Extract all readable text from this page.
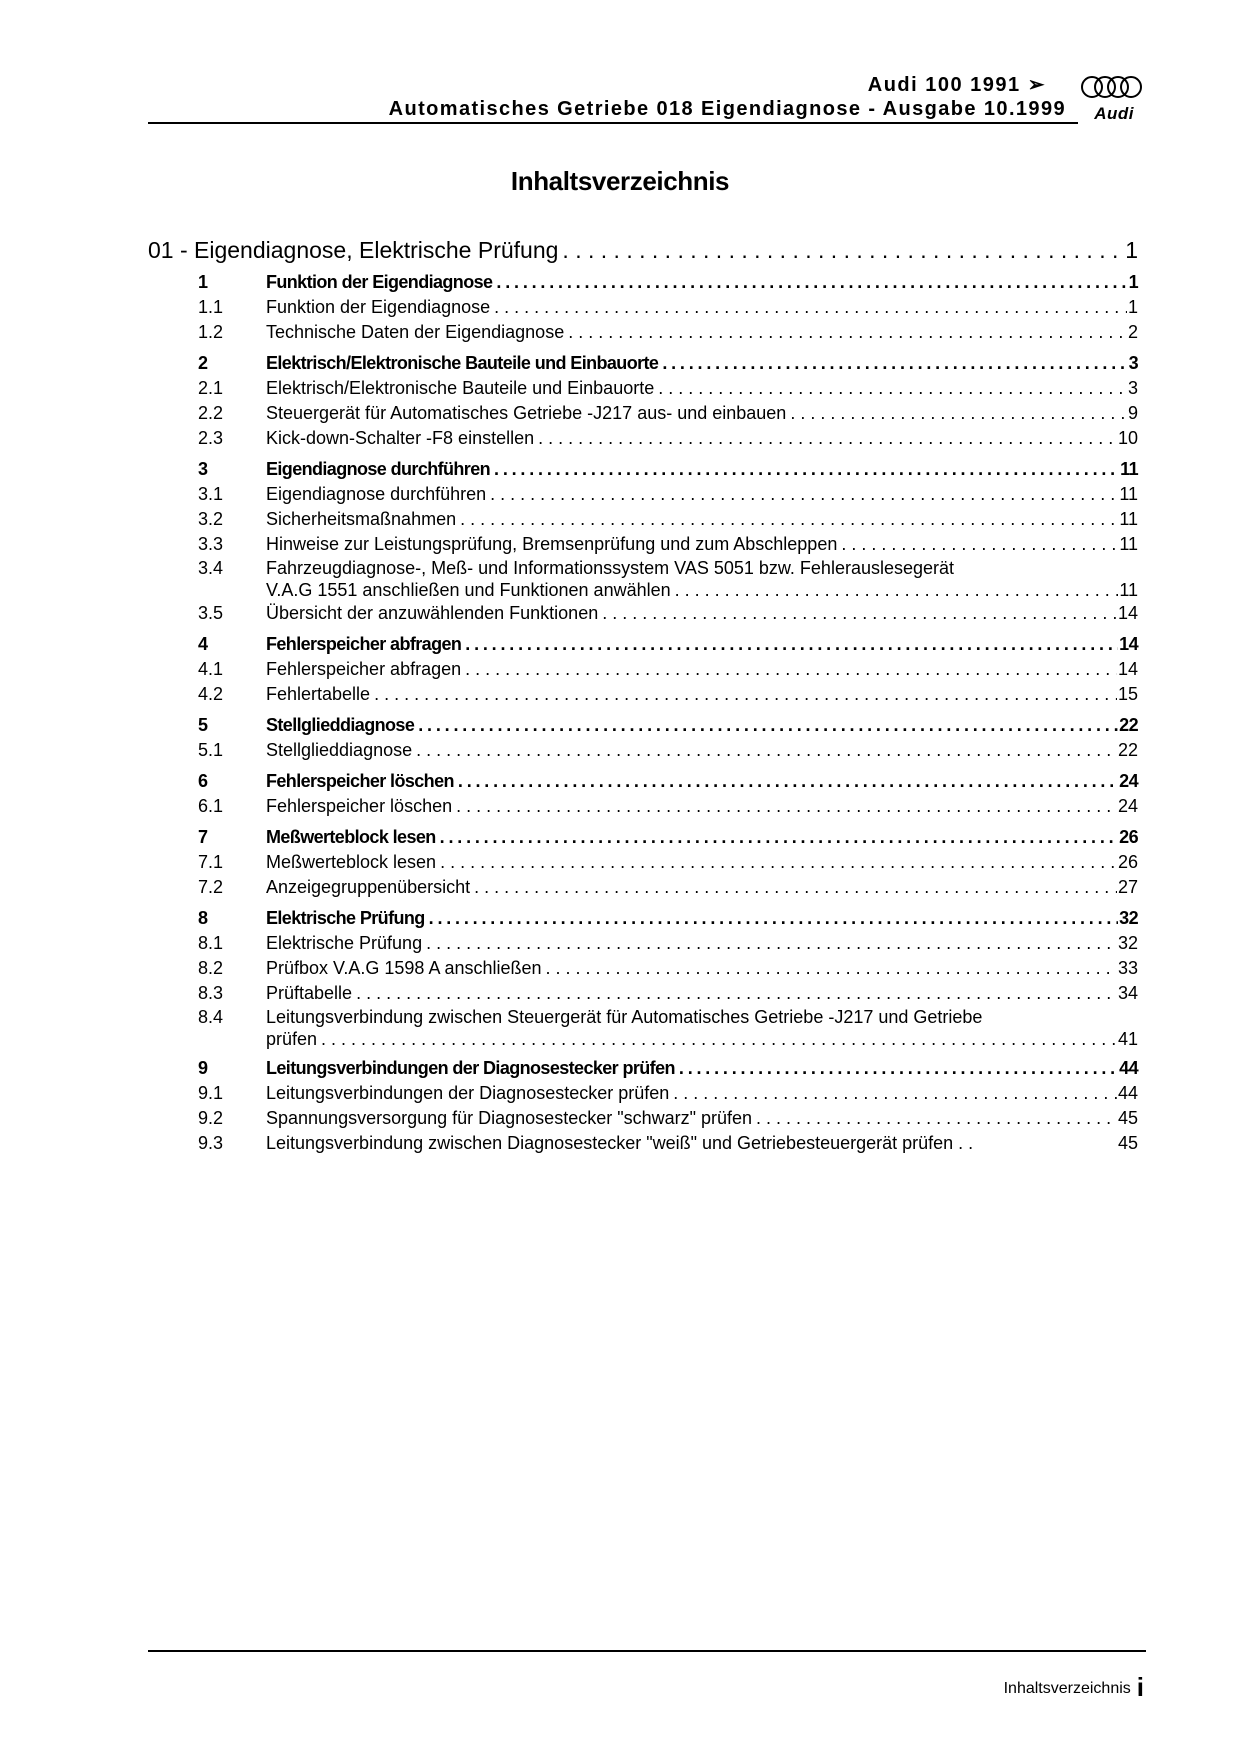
Audi 100 1991 ➢
Automatisches Getriebe 018 Eigendiagnose - Ausgabe 10.1999 Audi
Inhaltsverzeichnis
01 - Eigendiagnose, Elektrische Prüfung . . .	1
1	Funktion der Eigendiagnose . . .	1
1.1	Funktion der Eigendiagnose . . .	1
1.2	Technische Daten der Eigendiagnose . . .	2
2	Elektrisch/Elektronische Bauteile und Einbauorte . . .	3
2.1	Elektrisch/Elektronische Bauteile und Einbauorte . . .	3
2.2	Steuergerät für Automatisches Getriebe -J217 aus- und einbauen . . .	9
2.3	Kick-down-Schalter -F8 einstellen . . .	10
3	Eigendiagnose durchführen . . .	11
3.1	Eigendiagnose durchführen . . .	11
3.2	Sicherheitsmaßnahmen . . .	11
3.3	Hinweise zur Leistungsprüfung, Bremsenprüfung und zum Abschleppen . . .	11
3.4	Fahrzeugdiagnose-, Meß- und Informationssystem VAS 5051 bzw. Fehlerauslesegerät
V.A.G 1551 anschließen und Funktionen anwählen . . .	11
3.5	Übersicht der anzuwählenden Funktionen . . .	14
4	Fehlerspeicher abfragen . . .	14
4.1	Fehlerspeicher abfragen . . .	14
4.2	Fehlertabelle . . .	15
5	Stellglieddiagnose . . .	22
5.1	Stellglieddiagnose . . .	22
6	Fehlerspeicher löschen . . .	24
6.1	Fehlerspeicher löschen . . .	24
7	Meßwerteblock lesen . . .	26
7.1	Meßwerteblock lesen . . .	26
7.2	Anzeigegruppenübersicht . . .	27
8	Elektrische Prüfung . . .	32
8.1	Elektrische Prüfung . . .	32
8.2	Prüfbox V.A.G 1598 A anschließen . . .	33
8.3	Prüftabelle . . .	34
8.4	Leitungsverbindung zwischen Steuergerät für Automatisches Getriebe -J217 und Getriebe
prüfen . . .	41
9	Leitungsverbindungen der Diagnosestecker prüfen . . .	44
9.1	Leitungsverbindungen der Diagnosestecker prüfen . . .	44
9.2	Spannungsversorgung für Diagnosestecker "schwarz" prüfen . . .	45
9.3	Leitungsverbindung zwischen Diagnosestecker "weiß" und Getriebesteuergerät prüfen . .	45
Inhaltsverzeichnis i
